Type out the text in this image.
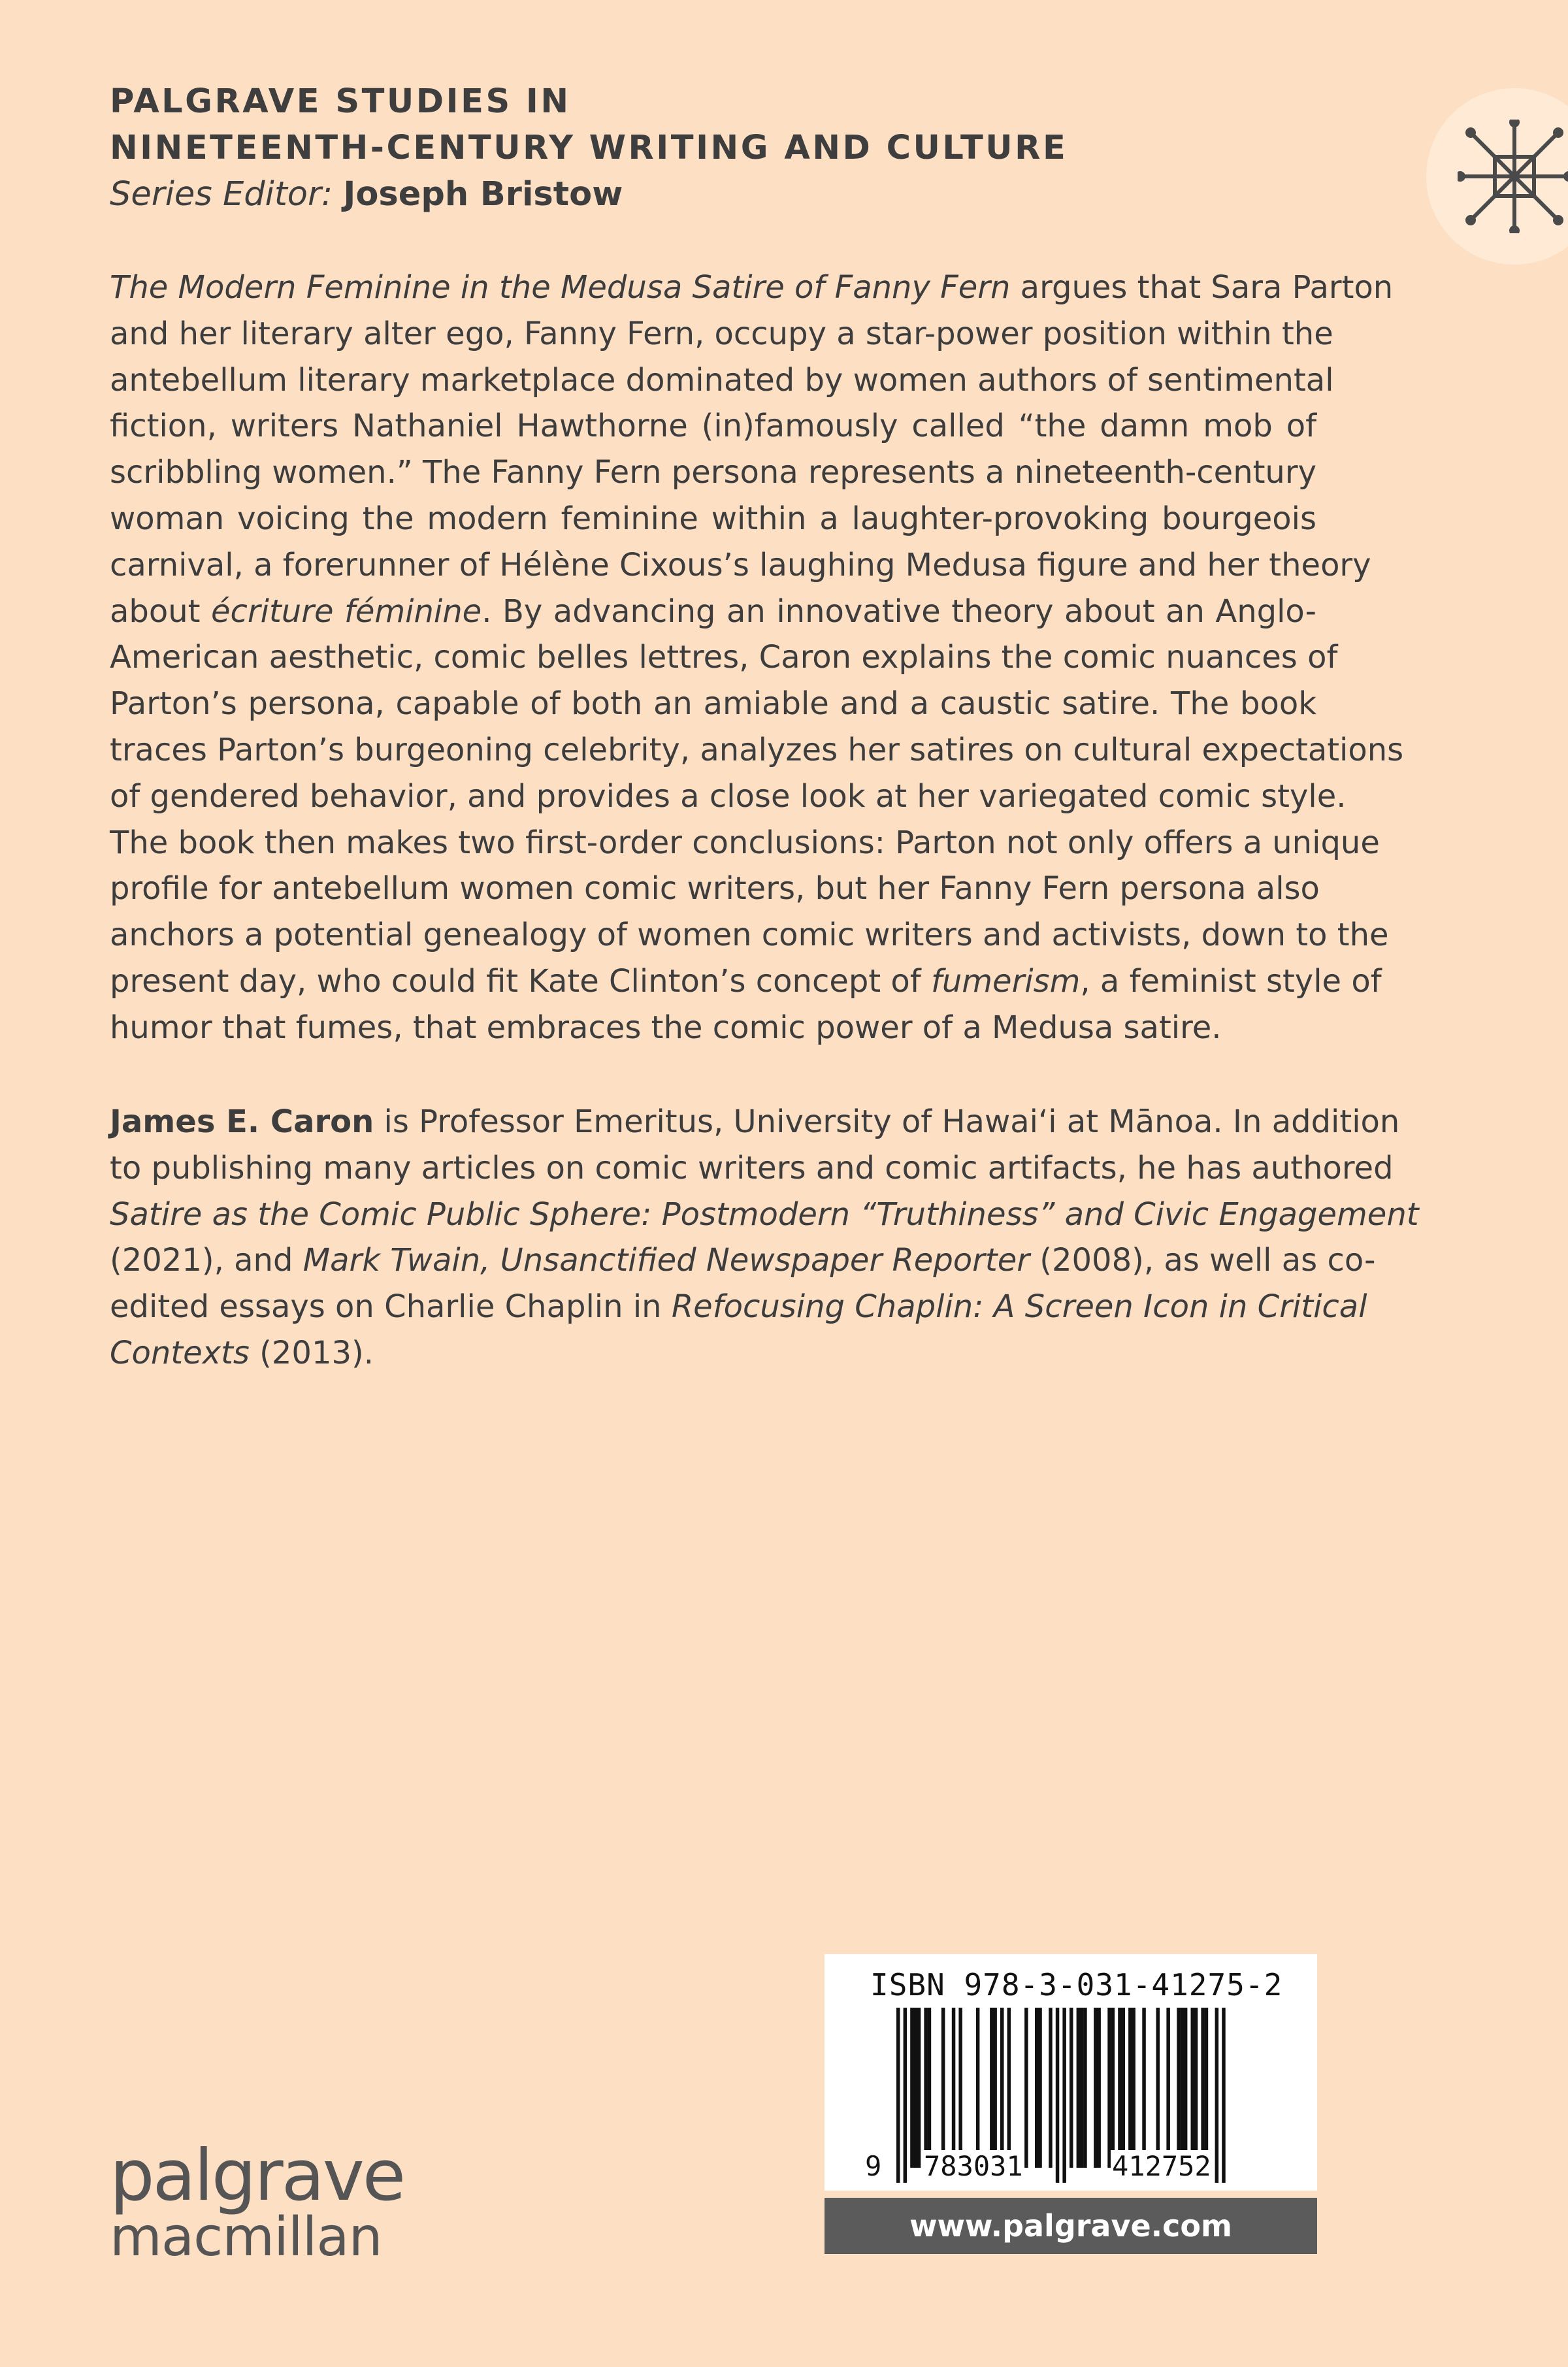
PALGRAVE STUDIES IN
NINETEENTH-CENTURY WRITING AND CULTURE
Series Editor: Joseph Bristow
The Modern Feminine in the Medusa Satire of Fanny Fern argues that Sara Parton
and her literary alter ego, Fanny Fern, occupy a star-power position within the
antebellum literary marketplace dominated by women authors of sentimental
fiction, writers Nathaniel Hawthorne (in)famously called “the damn mob of
scribbling women.” The Fanny Fern persona represents a nineteenth-century
woman voicing the modern feminine within a laughter-provoking bourgeois
carnival, a forerunner of Hélène Cixous’s laughing Medusa figure and her theory
about écriture féminine. By advancing an innovative theory about an Anglo-
American aesthetic, comic belles lettres, Caron explains the comic nuances of
Parton’s persona, capable of both an amiable and a caustic satire. The book
traces Parton’s burgeoning celebrity, analyzes her satires on cultural expectations
of gendered behavior, and provides a close look at her variegated comic style.
The book then makes two first-order conclusions: Parton not only offers a unique
profile for antebellum women comic writers, but her Fanny Fern persona also
anchors a potential genealogy of women comic writers and activists, down to the
present day, who could fit Kate Clinton’s concept of fumerism, a feminist style of
humor that fumes, that embraces the comic power of a Medusa satire.
James E. Caron is Professor Emeritus, University of Hawaiʻi at Mānoa. In addition
to publishing many articles on comic writers and comic artifacts, he has authored
Satire as the Comic Public Sphere: Postmodern “Truthiness” and Civic Engagement
(2021), and Mark Twain, Unsanctified Newspaper Reporter (2008), as well as co-
edited essays on Charlie Chaplin in Refocusing Chaplin: A Screen Icon in Critical
Contexts (2013).
ISBN 978-3-031-41275-2
9 783031	412752
www.palgrave.com
palgrave
macmillan
